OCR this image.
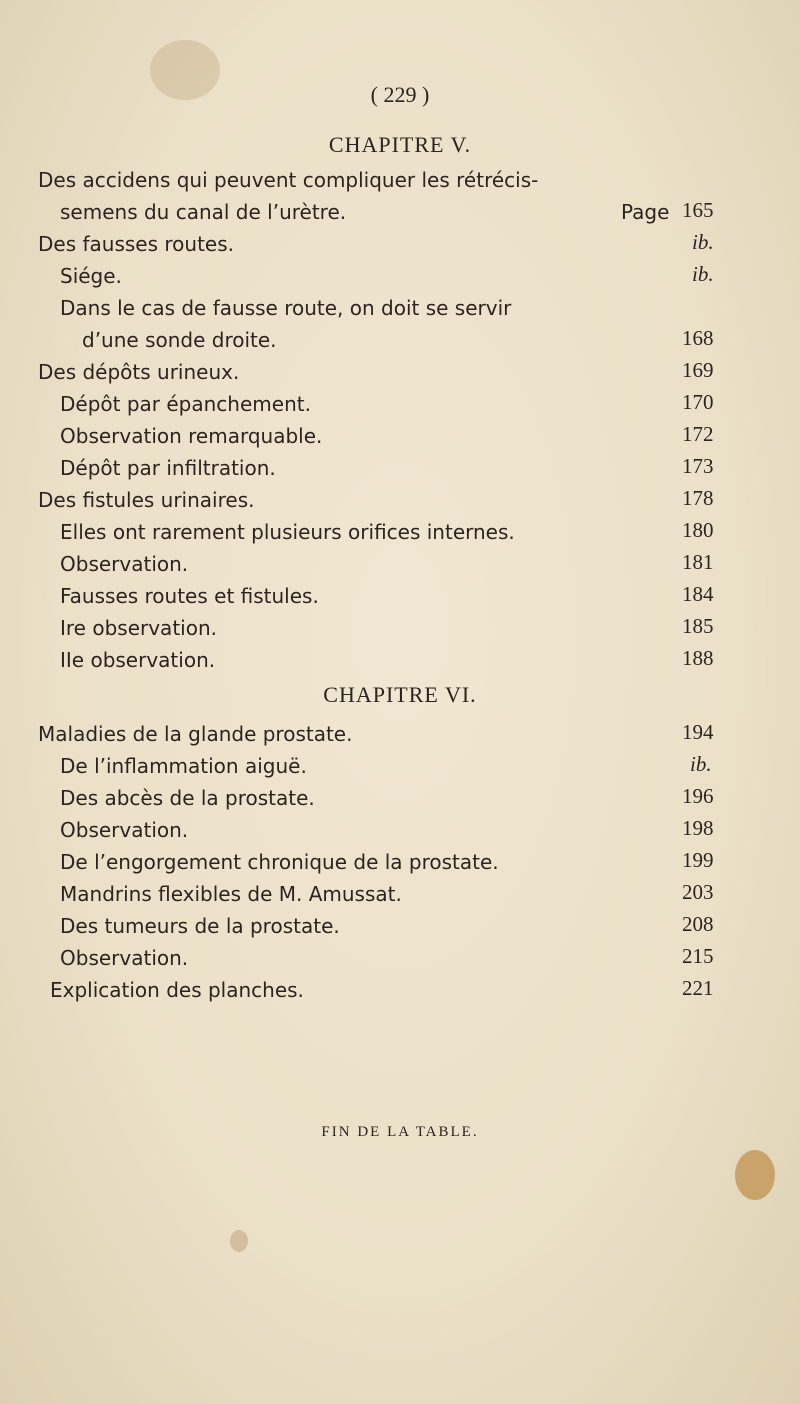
( 229 )
CHAPITRE V.
Des accidens qui peuvent compliquer les rétrécis-
semens du canal de l’urètre.	Page 165
Des fausses routes.	ib.
Siége.	ib.
Dans le cas de fausse route, on doit se servir
d’une sonde droite.	168
Des dépôts urineux.	169
Dépôt par épanchement.	170
Observation remarquable.	172
Dépôt par infiltration.	173
Des fistules urinaires.	178
Elles ont rarement plusieurs orifices internes.	180
Observation.	181
Fausses routes et fistules.	184
Ire observation.	185
IIe observation.	188
CHAPITRE VI.
Maladies de la glande prostate.	194
De l’inflammation aiguë.	ib.
Des abcès de la prostate.	196
Observation.	198
De l’engorgement chronique de la prostate.	199
Mandrins flexibles de M. Amussat.	203
Des tumeurs de la prostate.	208
Observation.	215
Explication des planches.	221
FIN DE LA TABLE.
